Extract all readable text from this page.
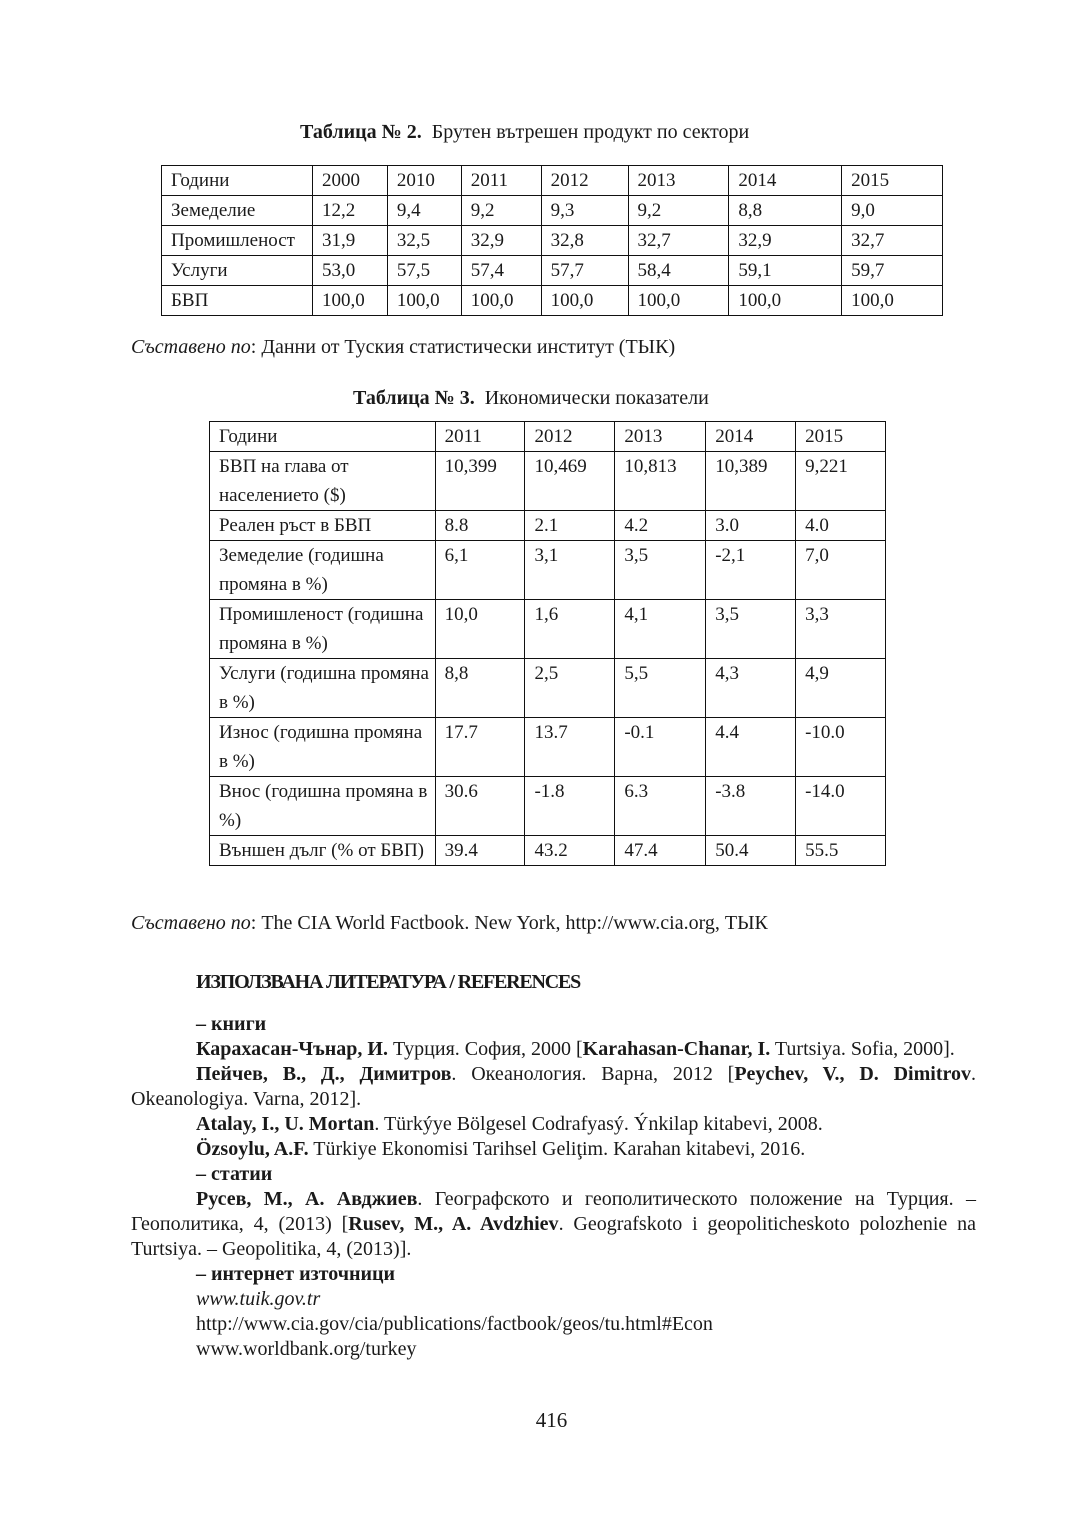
Таблица № 2. Брутен вътрешен продукт по сектори
Години	2000	2010	2011	2012	2013	2014	2015
Земеделие	12,2	9,4	9,2	9,3	9,2	8,8	9,0
Промишленост	31,9	32,5	32,9	32,8	32,7	32,9	32,7
Услуги	53,0	57,5	57,4	57,7	58,4	59,1	59,7
БВП	100,0	100,0	100,0	100,0	100,0	100,0	100,0
Съставено по: Данни от Туския статистически институт (ТЫК)
Таблица № 3. Икономически показатели
Години	2011	2012	2013	2014	2015
БВП на глава от населението ($)	10,399	10,469	10,813	10,389	9,221
Реален ръст в БВП	8.8	2.1	4.2	3.0	4.0
Земеделие (годишна промяна в %)	6,1	3,1	3,5	-2,1	7,0
Промишленост (годишна промяна в %)	10,0	1,6	4,1	3,5	3,3
Услуги (годишна промяна в %)	8,8	2,5	5,5	4,3	4,9
Износ (годишна промяна в %)	17.7	13.7	-0.1	4.4	-10.0
Внос (годишна промяна в %)	30.6	-1.8	6.3	-3.8	-14.0
Външен дълг (% от БВП)	39.4	43.2	47.4	50.4	55.5
Съставено по: The CIA World Factbook. New York, http://www.cia.org, ТЫК
ИЗПОЛЗВАНА ЛИТЕРАТУРА / REFERENCES
– книги

Карахасан-Чънар, И. Турция. София, 2000 [Karahasan-Chanar, I. Turtsiya. Sofia, 2000].

Пейчев, В., Д., Димитров. Океанология. Варна, 2012 [Peychev, V., D. Dimitrov. Okeanologiya. Varna, 2012].

Atalay, I., U. Mortan. Türkýye Bölgesel Codrafyasý. Ýnkilap kitabevi, 2008.

Özsoylu, A.F. Türkiye Ekonomisi Tarihsel Geliţim. Karahan kitabevi, 2016.

– статии

Русев, М., А. Авджиев. Географското и геополитическото положение на Турция. – Геополитика, 4, (2013) [Rusev, M., A. Avdzhiev. Geografskoto i geopoliticheskoto polozhenie na Turtsiya. – Geopolitika, 4, (2013)].

– интернет източници
www.tuik.gov.tr
http://www.cia.gov/cia/publications/factbook/geos/tu.html#Econ
www.worldbank.org/turkey
416
